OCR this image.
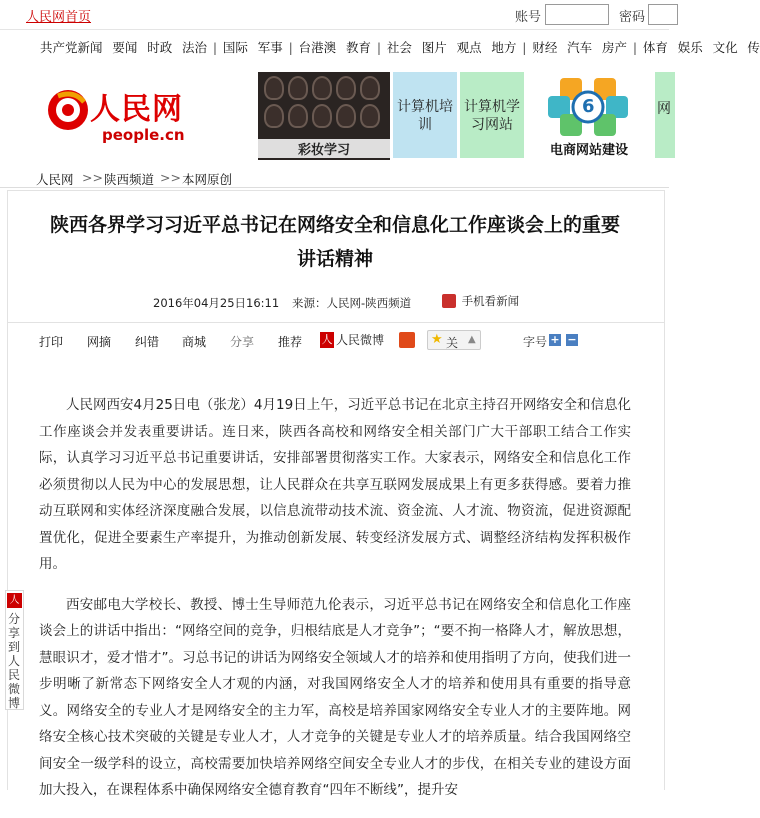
人民网首页	账号	密码
共产党新闻 要闻 时政 法治 | 国际 军事 | 台港澳 教育 | 社会 图片 观点 地方 | 财经 汽车 房产 | 体育 娱乐 文化 传
人民网
people.cn
彩妆学习
计算机培训
计算机学习网站
6
电商网站建设
网
人民网 >> 陕西频道 >> 本网原创
陕西各界学习习近平总书记在网络安全和信息化工作座谈会上的重要
讲话精神
2016年04月25日16:11 来源：人民网-陕西频道	手机看新闻
打印 网摘 纠错 商城 分享 推荐 人 人民微博	★ 关 ▲	字号 + −

人民网西安4月25日电（张龙）4月19日上午，习近平总书记在北京主持召开网络安全和信息化工作座谈会并发表重要讲话。连日来，陕西各高校和网络安全相关部门广大干部职工结合工作实际，认真学习习近平总书记重要讲话，安排部署贯彻落实工作。大家表示，网络安全和信息化工作必须贯彻以人民为中心的发展思想，让人民群众在共享互联网发展成果上有更多获得感。要着力推动互联网和实体经济深度融合发展，以信息流带动技术流、资金流、人才流、物资流，促进资源配置优化，促进全要素生产率提升，为推动创新发展、转变经济发展方式、调整经济结构发挥积极作用。

西安邮电大学校长、教授、博士生导师范九伦表示，习近平总书记在网络安全和信息化工作座谈会上的讲话中指出：“网络空间的竞争，归根结底是人才竞争”；“要不拘一格降人才，解放思想，慧眼识才，爱才惜才”。习总书记的讲话为网络安全领域人才的培养和使用指明了方向，使我们进一步明晰了新常态下网络安全人才观的内涵，对我国网络安全人才的培养和使用具有重要的指导意义。网络安全的专业人才是网络安全的主力军，高校是培养国家网络安全专业人才的主要阵地。网络安全核心技术突破的关键是专业人才，人才竞争的关键是专业人才的培养质量。结合我国网络空间安全一级学科的设立，高校需要加快培养网络空间安全专业人才的步伐，在相关专业的建设方面加大投入，在课程体系中确保网络安全德育教育“四年不断线”，提升安

人
分享到人民微博
